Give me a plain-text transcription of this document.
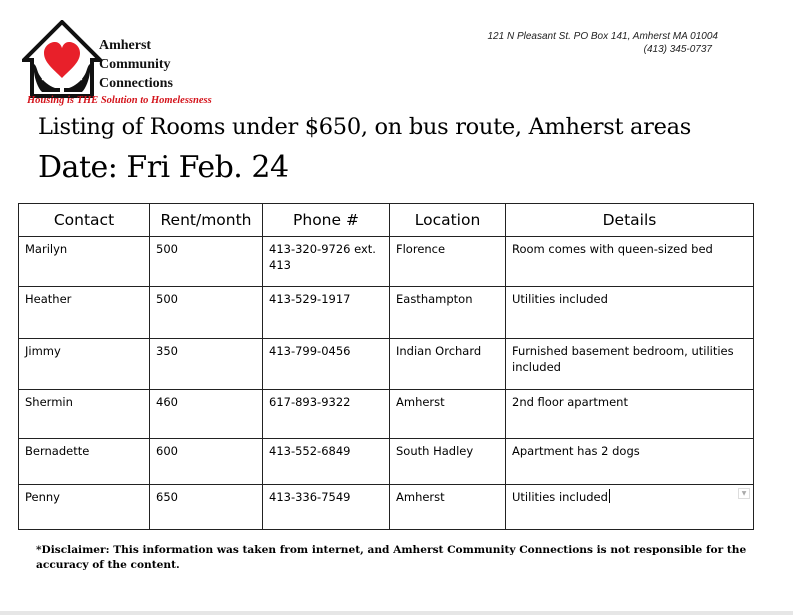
Amherst
Community
Connections
Housing is THE Solution to Homelessness
121 N Pleasant St. PO Box 141, Amherst MA 01004
(413) 345-0737
Listing of Rooms under $650, on bus route, Amherst areas
Date: Fri Feb. 24
Contact	Rent/month	Phone #	Location	Details
Marilyn	500	413-320-9726 ext. 413	Florence	Room comes with queen-sized bed
Heather	500	413-529-1917	Easthampton	Utilities included
Jimmy	350	413-799-0456	Indian Orchard	Furnished basement bedroom, utilities included
Shermin	460	617-893-9322	Amherst	2nd floor apartment
Bernadette	600	413-552-6849	South Hadley	Apartment has 2 dogs
Penny	650	413-336-7549	Amherst	Utilities included ▼
*Disclaimer: This information was taken from internet, and Amherst Community Connections is not responsible for the accuracy of the content.
